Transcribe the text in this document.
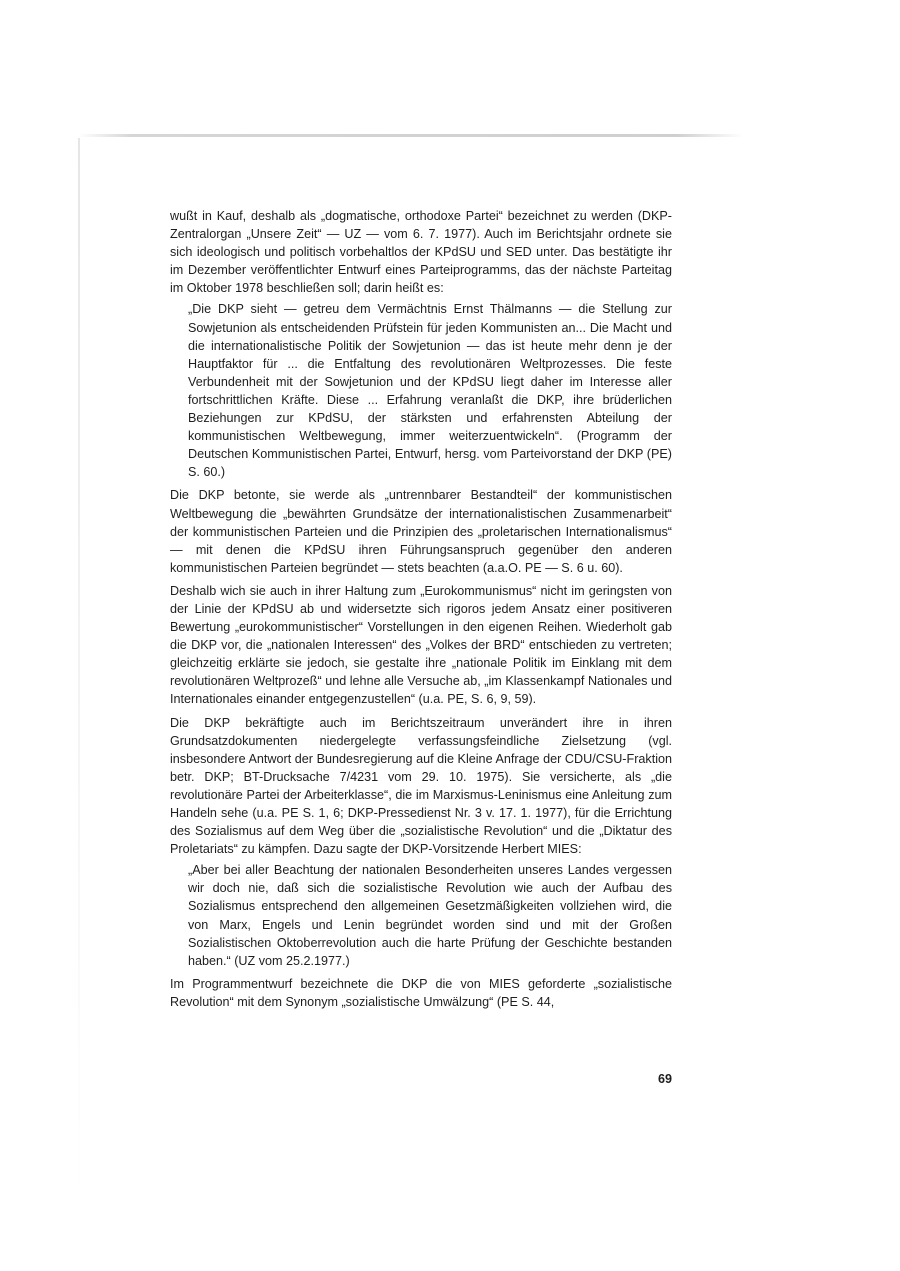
wußt in Kauf, deshalb als „dogmatische, orthodoxe Partei“ bezeichnet zu werden (DKP-Zentralorgan „Unsere Zeit“ — UZ — vom 6. 7. 1977). Auch im Berichtsjahr ordnete sie sich ideologisch und politisch vorbehaltlos der KPdSU und SED unter. Das bestätigte ihr im Dezember veröffentlichter Entwurf eines Parteiprogramms, das der nächste Parteitag im Oktober 1978 beschließen soll; darin heißt es:

„Die DKP sieht — getreu dem Vermächtnis Ernst Thälmanns — die Stellung zur Sowjetunion als entscheidenden Prüfstein für jeden Kommunisten an... Die Macht und die internationalistische Politik der Sowjetunion — das ist heute mehr denn je der Hauptfaktor für ... die Entfaltung des revolutionären Weltprozesses. Die feste Verbundenheit mit der Sowjetunion und der KPdSU liegt daher im Interesse aller fortschrittlichen Kräfte. Diese ... Erfahrung veranlaßt die DKP, ihre brüderlichen Beziehungen zur KPdSU, der stärksten und erfahrensten Abteilung der kommunistischen Weltbewegung, immer weiterzuentwickeln“. (Programm der Deutschen Kommunistischen Partei, Entwurf, hersg. vom Parteivorstand der DKP (PE) S. 60.)

Die DKP betonte, sie werde als „untrennbarer Bestandteil“ der kommunistischen Weltbewegung die „bewährten Grundsätze der internationalistischen Zusammenarbeit“ der kommunistischen Parteien und die Prinzipien des „proletarischen Internationalismus“ — mit denen die KPdSU ihren Führungsanspruch gegenüber den anderen kommunistischen Parteien begründet — stets beachten (a.a.O. PE — S. 6 u. 60).

Deshalb wich sie auch in ihrer Haltung zum „Eurokommunismus“ nicht im geringsten von der Linie der KPdSU ab und widersetzte sich rigoros jedem Ansatz einer positiveren Bewertung „eurokommunistischer“ Vorstellungen in den eigenen Reihen. Wiederholt gab die DKP vor, die „nationalen Interessen“ des „Volkes der BRD“ entschieden zu vertreten; gleichzeitig erklärte sie jedoch, sie gestalte ihre „nationale Politik im Einklang mit dem revolutionären Weltprozeß“ und lehne alle Versuche ab, „im Klassenkampf Nationales und Internationales einander entgegenzustellen“ (u.a. PE, S. 6, 9, 59).

Die DKP bekräftigte auch im Berichtszeitraum unverändert ihre in ihren Grundsatzdokumenten niedergelegte verfassungsfeindliche Zielsetzung (vgl. insbesondere Antwort der Bundesregierung auf die Kleine Anfrage der CDU/CSU-Fraktion betr. DKP; BT-Drucksache 7/4231 vom 29. 10. 1975). Sie versicherte, als „die revolutionäre Partei der Arbeiterklasse“, die im Marxismus-Leninismus eine Anleitung zum Handeln sehe (u.a. PE S. 1, 6; DKP-Pressedienst Nr. 3 v. 17. 1. 1977), für die Errichtung des Sozialismus auf dem Weg über die „sozialistische Revolution“ und die „Diktatur des Proletariats“ zu kämpfen. Dazu sagte der DKP-Vorsitzende Herbert MIES:

„Aber bei aller Beachtung der nationalen Besonderheiten unseres Landes vergessen wir doch nie, daß sich die sozialistische Revolution wie auch der Aufbau des Sozialismus entsprechend den allgemeinen Gesetzmäßigkeiten vollziehen wird, die von Marx, Engels und Lenin begründet worden sind und mit der Großen Sozialistischen Oktoberrevolution auch die harte Prüfung der Geschichte bestanden haben.“ (UZ vom 25.2.1977.)

Im Programmentwurf bezeichnete die DKP die von MIES geforderte „sozialistische Revolution“ mit dem Synonym „sozialistische Umwälzung“ (PE S. 44,

69
